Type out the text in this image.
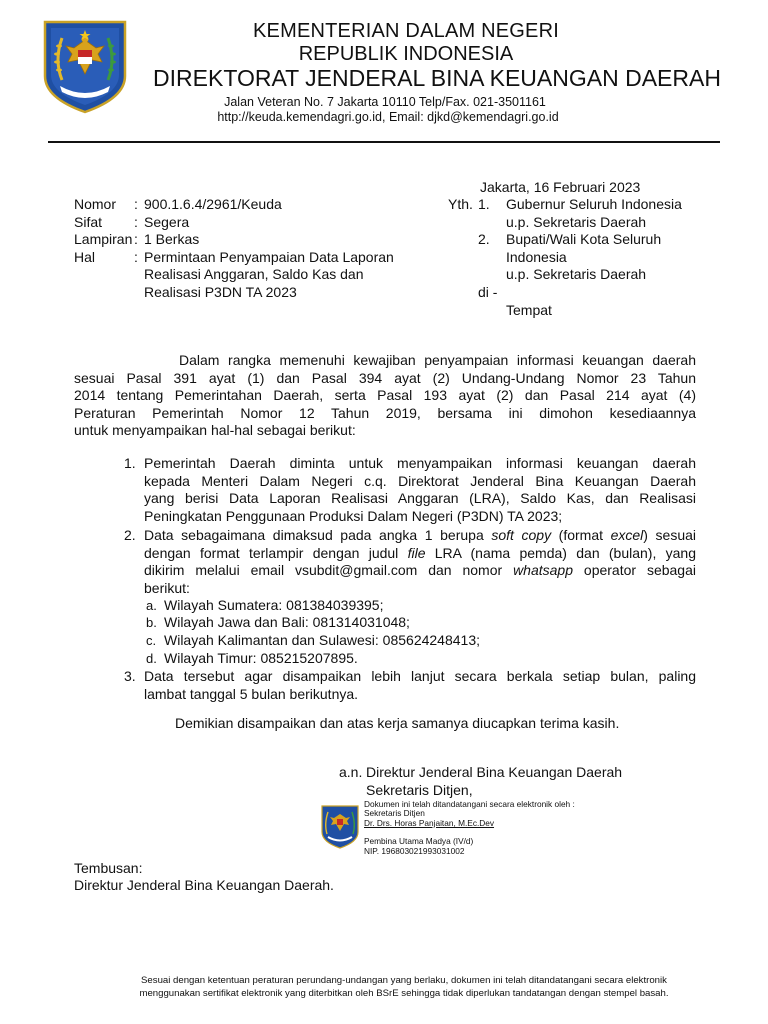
KEMENTERIAN DALAM NEGERI
REPUBLIK INDONESIA
DIREKTORAT JENDERAL BINA KEUANGAN DAERAH
Jalan Veteran No. 7 Jakarta 10110 Telp/Fax. 021-3501161
http://keuda.kemendagri.go.id, Email: djkd@kemendagri.go.id
Nomor	: 900.1.6.4/2961/Keuda
Sifat	: Segera
Lampiran : 1 Berkas
Hal	: Permintaan Penyampaian Data Laporan
Realisasi Anggaran, Saldo Kas dan
Realisasi P3DN TA 2023
Jakarta, 16 Februari 2023
Yth. 1.	Gubernur Seluruh Indonesia
u.p. Sekretaris Daerah
2.	Bupati/Wali Kota Seluruh
Indonesia
u.p. Sekretaris Daerah
di -
Tempat
Dalam rangka memenuhi kewajiban penyampaian informasi keuangan daerah
sesuai Pasal 391 ayat (1) dan Pasal 394 ayat (2) Undang-Undang Nomor 23 Tahun
2014 tentang Pemerintahan Daerah, serta Pasal 193 ayat (2) dan Pasal 214 ayat (4)
Peraturan Pemerintah Nomor 12 Tahun 2019, bersama ini dimohon kesediaannya
untuk menyampaikan hal-hal sebagai berikut:
1. Pemerintah Daerah diminta untuk menyampaikan informasi keuangan daerah
kepada Menteri Dalam Negeri c.q. Direktorat Jenderal Bina Keuangan Daerah
yang berisi Data Laporan Realisasi Anggaran (LRA), Saldo Kas, dan Realisasi
Peningkatan Penggunaan Produksi Dalam Negeri (P3DN) TA 2023;
2. Data sebagaimana dimaksud pada angka 1 berupa soft copy (format excel) sesuai
dengan format terlampir dengan judul file LRA (nama pemda) dan (bulan), yang
dikirim melalui email vsubdit@gmail.com dan nomor whatsapp operator sebagai
berikut:
a. Wilayah Sumatera: 081384039395;
b. Wilayah Jawa dan Bali: 081314031048;
c. Wilayah Kalimantan dan Sulawesi: 085624248413;
d. Wilayah Timur: 085215207895.
3. Data tersebut agar disampaikan lebih lanjut secara berkala setiap bulan, paling
lambat tanggal 5 bulan berikutnya.
Demikian disampaikan dan atas kerja samanya diucapkan terima kasih.
a.n. Direktur Jenderal Bina Keuangan Daerah
Sekretaris Ditjen,
Dokumen ini telah ditandatangani secara elektronik oleh :
Sekretaris Ditjen
Dr. Drs. Horas Panjaitan, M.Ec.Dev
Pembina Utama Madya (IV/d)
NIP. 196803021993031002
Tembusan:
Direktur Jenderal Bina Keuangan Daerah.
Sesuai dengan ketentuan peraturan perundang-undangan yang berlaku, dokumen ini telah ditandatangani secara elektronik
menggunakan sertifikat elektronik yang diterbitkan oleh BSrE sehingga tidak diperlukan tandatangan dengan stempel basah.
